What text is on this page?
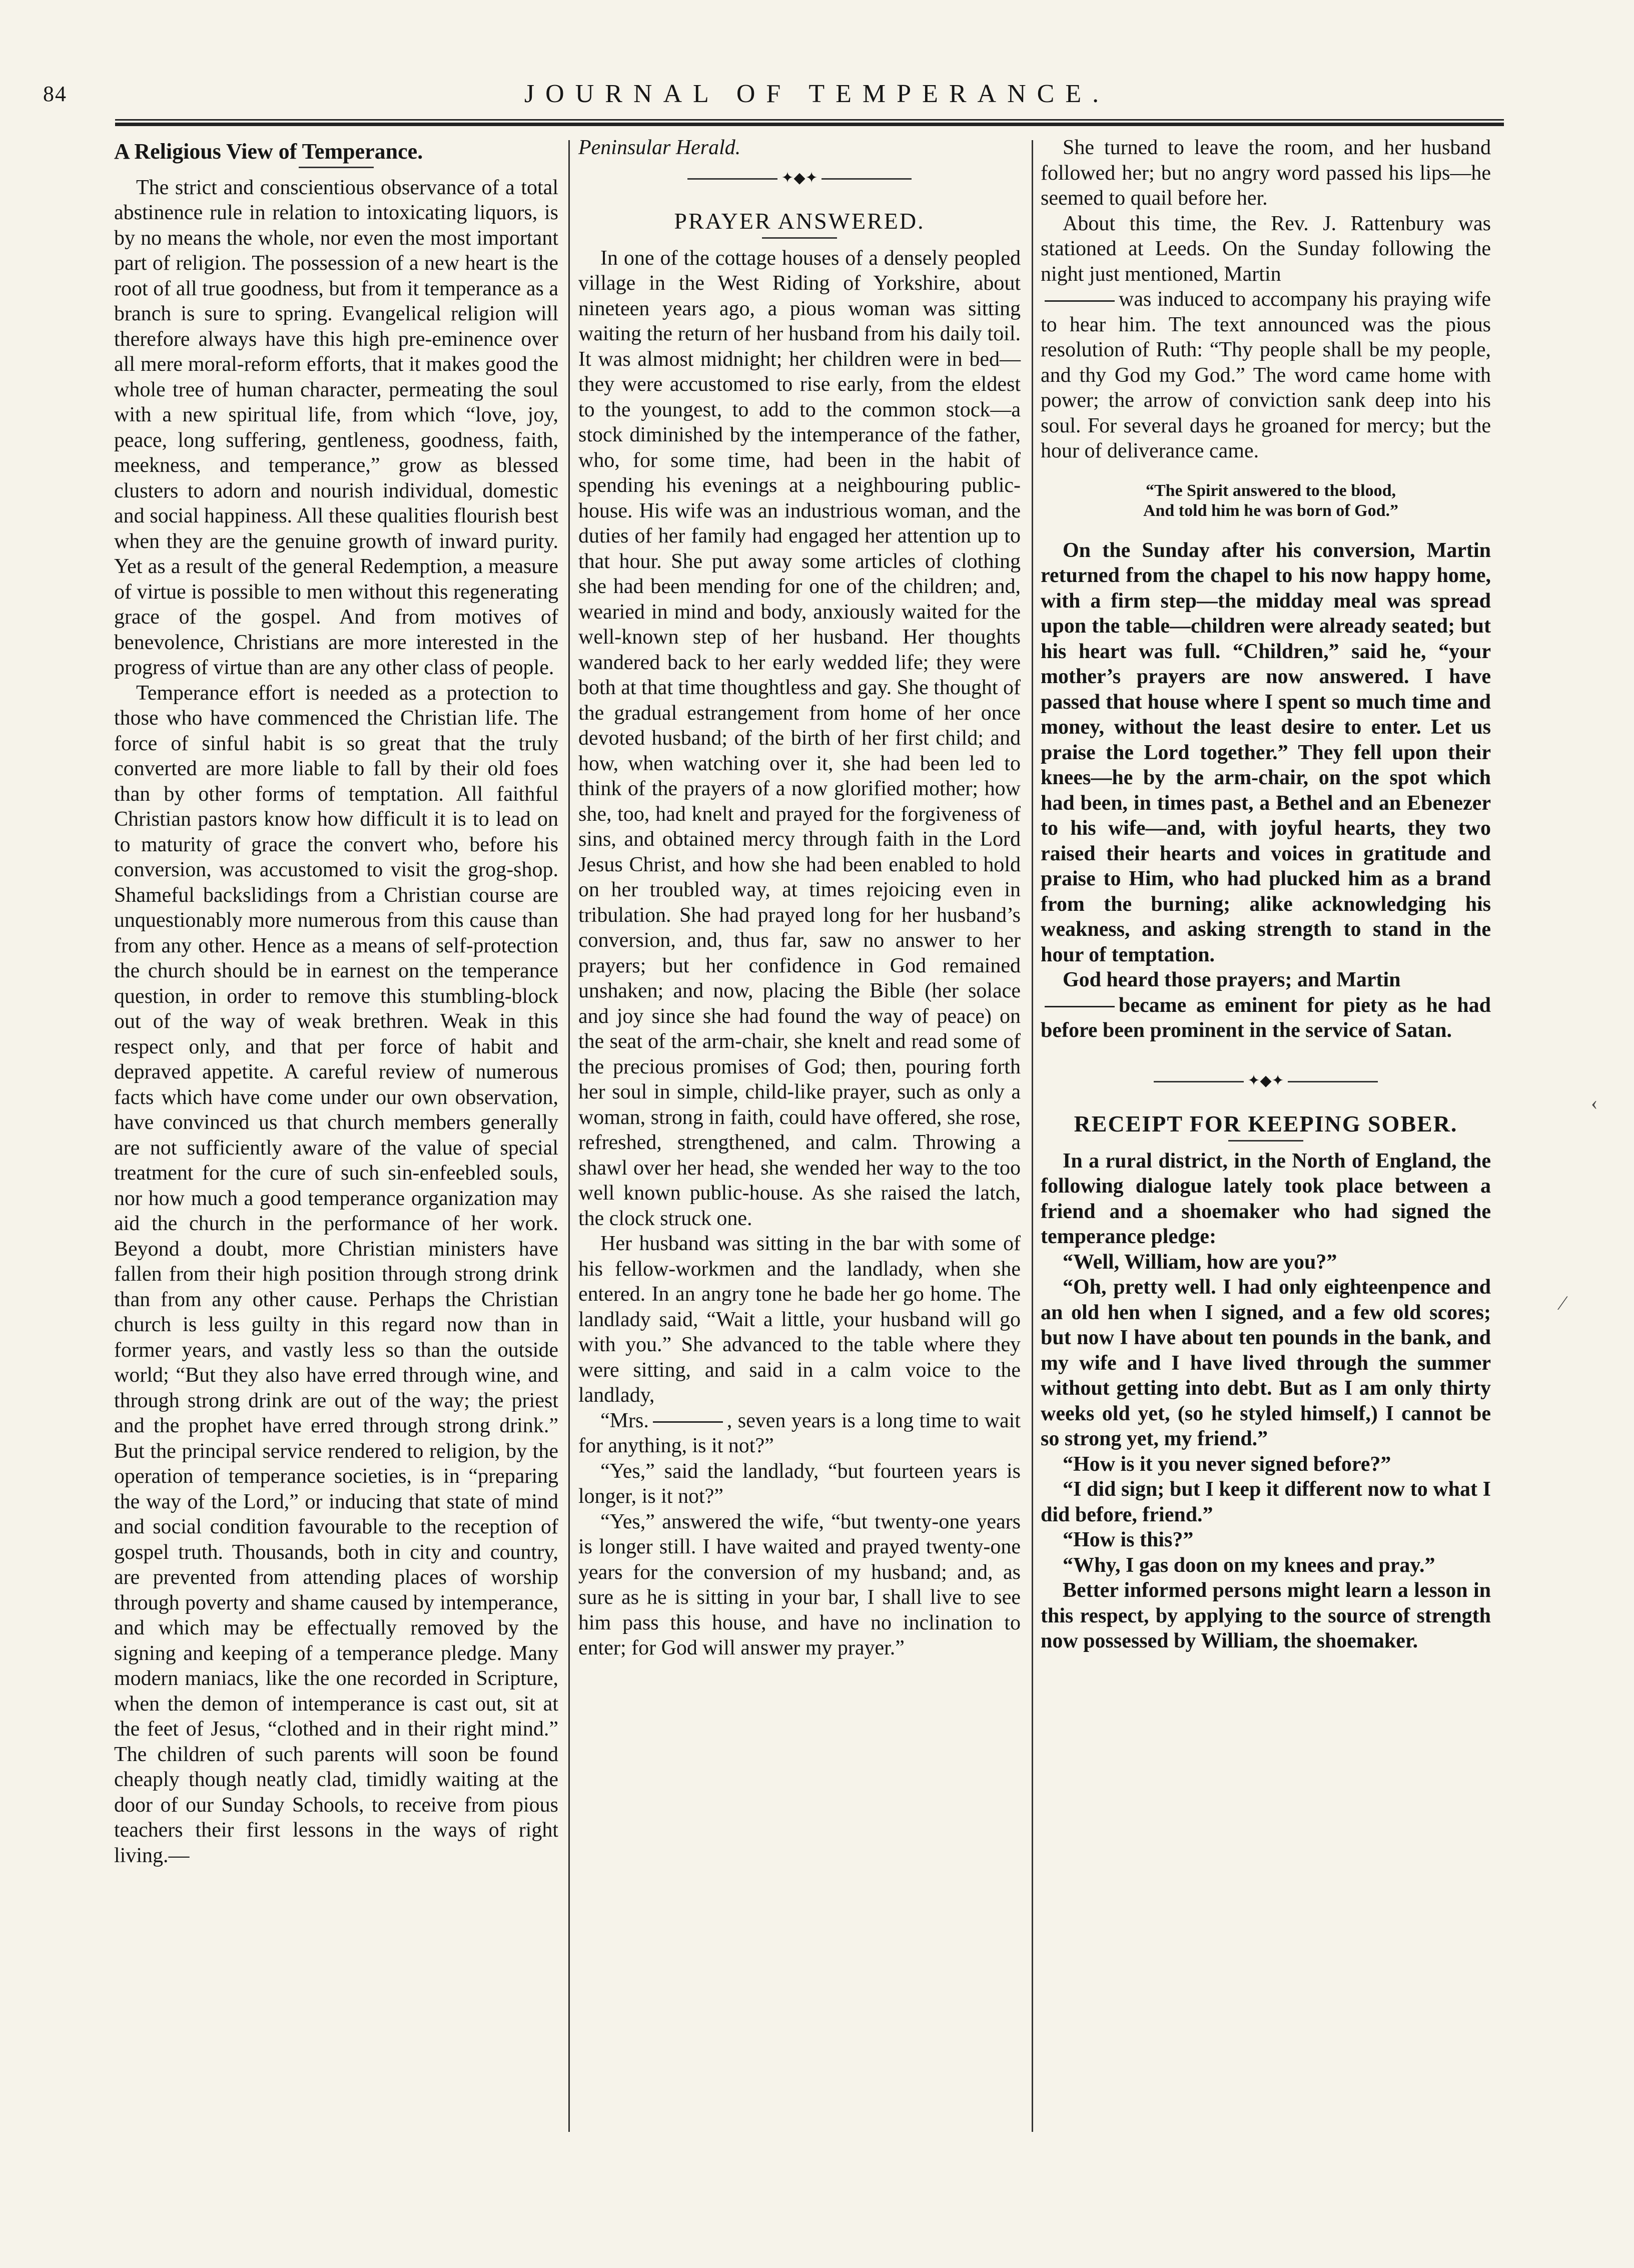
84	JOURNAL OF TEMPERANCE.
A Religious View of Temperance.

The strict and conscientious observance of a total abstinence rule in relation to intoxicating liquors, is by no means the whole, nor even the most important part of religion. The possession of a new heart is the root of all true goodness, but from it temperance as a branch is sure to spring. Evangelical religion will therefore always have this high pre-eminence over all mere moral-reform efforts, that it makes good the whole tree of human character, permeating the soul with a new spiritual life, from which “love, joy, peace, long suffering, gentleness, goodness, faith, meekness, and temperance,” grow as blessed clusters to adorn and nourish individual, domestic and social happiness. All these qualities flourish best when they are the genuine growth of inward purity. Yet as a result of the general Redemption, a measure of virtue is possible to men without this regenerating grace of the gospel. And from motives of benevolence, Christians are more interested in the progress of virtue than are any other class of people.

Temperance effort is needed as a protection to those who have commenced the Christian life. The force of sinful habit is so great that the truly converted are more liable to fall by their old foes than by other forms of temptation. All faithful Christian pastors know how difficult it is to lead on to maturity of grace the convert who, before his conversion, was accustomed to visit the grog-shop. Shameful backslidings from a Christian course are unquestionably more numerous from this cause than from any other. Hence as a means of self-protection the church should be in earnest on the temperance question, in order to remove this stumbling-block out of the way of weak brethren. Weak in this respect only, and that per force of habit and depraved appetite. A careful review of numerous facts which have come under our own observation, have convinced us that church members generally are not sufficiently aware of the value of special treatment for the cure of such sin-enfeebled souls, nor how much a good temperance organization may aid the church in the performance of her work. Beyond a doubt, more Christian ministers have fallen from their high position through strong drink than from any other cause. Perhaps the Christian church is less guilty in this regard now than in former years, and vastly less so than the outside world; “But they also have erred through wine, and through strong drink are out of the way; the priest and the prophet have erred through strong drink.” But the principal service rendered to religion, by the operation of temperance societies, is in “preparing the way of the Lord,” or inducing that state of mind and social condition favourable to the reception of gospel truth. Thousands, both in city and country, are prevented from attending places of worship through poverty and shame caused by intemperance, and which may be effectually removed by the signing and keeping of a temperance pledge. Many modern maniacs, like the one recorded in Scripture, when the demon of intemperance is cast out, sit at the feet of Jesus, “clothed and in their right mind.” The children of such parents will soon be found cheaply though neatly clad, timidly waiting at the door of our Sunday Schools, to receive from pious teachers their first lessons in the ways of right living.—

Peninsular Herald.

✦◆✦
PRAYER ANSWERED.

In one of the cottage houses of a densely peopled village in the West Riding of Yorkshire, about nineteen years ago, a pious woman was sitting waiting the return of her husband from his daily toil. It was almost midnight; her children were in bed—they were accustomed to rise early, from the eldest to the youngest, to add to the common stock—a stock diminished by the intemperance of the father, who, for some time, had been in the habit of spending his evenings at a neighbouring public-house. His wife was an industrious woman, and the duties of her family had engaged her attention up to that hour. She put away some articles of clothing she had been mending for one of the children; and, wearied in mind and body, anxiously waited for the well-known step of her husband. Her thoughts wandered back to her early wedded life; they were both at that time thoughtless and gay. She thought of the gradual estrangement from home of her once devoted husband; of the birth of her first child; and how, when watching over it, she had been led to think of the prayers of a now glorified mother; how she, too, had knelt and prayed for the forgiveness of sins, and obtained mercy through faith in the Lord Jesus Christ, and how she had been enabled to hold on her troubled way, at times rejoicing even in tribulation. She had prayed long for her husband’s conversion, and, thus far, saw no answer to her prayers; but her confidence in God remained unshaken; and now, placing the Bible (her solace and joy since she had found the way of peace) on the seat of the arm-chair, she knelt and read some of the precious promises of God; then, pouring forth her soul in simple, child-like prayer, such as only a woman, strong in faith, could have offered, she rose, refreshed, strengthened, and calm. Throwing a shawl over her head, she wended her way to the too well known public-house. As she raised the latch, the clock struck one.

Her husband was sitting in the bar with some of his fellow-workmen and the landlady, when she entered. In an angry tone he bade her go home. The landlady said, “Wait a little, your husband will go with you.” She advanced to the table where they were sitting, and said in a calm voice to the landlady,

“Mrs.	, seven years is a long time to wait for anything, is it not?”

“Yes,” said the landlady, “but fourteen years is longer, is it not?”

“Yes,” answered the wife, “but twenty-one years is longer still. I have waited and prayed twenty-one years for the conversion of my husband; and, as sure as he is sitting in your bar, I shall live to see him pass this house, and have no inclination to enter; for God will answer my prayer.”

She turned to leave the room, and her husband followed her; but no angry word passed his lips—he seemed to quail before her.

About this time, the Rev. J. Rattenbury was stationed at Leeds. On the Sunday following the night just mentioned, Martin
was induced to accompany his praying wife to hear him. The text announced was the pious resolution of Ruth: “Thy people shall be my people, and thy God my God.” The word came home with power; the arrow of conviction sank deep into his soul. For several days he groaned for mercy; but the hour of deliverance came.

“The Spirit answered to the blood,
And told him he was born of God.”

On the Sunday after his conversion, Martin returned from the chapel to his now happy home, with a firm step—the midday meal was spread upon the table—children were already seated; but his heart was full. “Children,” said he, “your mother’s prayers are now answered. I have passed that house where I spent so much time and money, without the least desire to enter. Let us praise the Lord together.” They fell upon their knees—he by the arm-chair, on the spot which had been, in times past, a Bethel and an Ebenezer to his wife—and, with joyful hearts, they two raised their hearts and voices in gratitude and praise to Him, who had plucked him as a brand from the burning; alike acknowledging his weakness, and asking strength to stand in the hour of temptation.

God heard those prayers; and Martin
became as eminent for piety as he had before been prominent in the service of Satan.

✦◆✦
RECEIPT FOR KEEPING SOBER.

In a rural district, in the North of England, the following dialogue lately took place between a friend and a shoemaker who had signed the temperance pledge:

“Well, William, how are you?”

“Oh, pretty well. I had only eighteenpence and an old hen when I signed, and a few old scores; but now I have about ten pounds in the bank, and my wife and I have lived through the summer without getting into debt. But as I am only thirty weeks old yet, (so he styled himself,) I cannot be so strong yet, my friend.”

“How is it you never signed before?”

“I did sign; but I keep it different now to what I did before, friend.”

“How is this?”

“Why, I gas doon on my knees and pray.”

Better informed persons might learn a lesson in this respect, by applying to the source of strength now possessed by William, the shoemaker.

‹
⁄
